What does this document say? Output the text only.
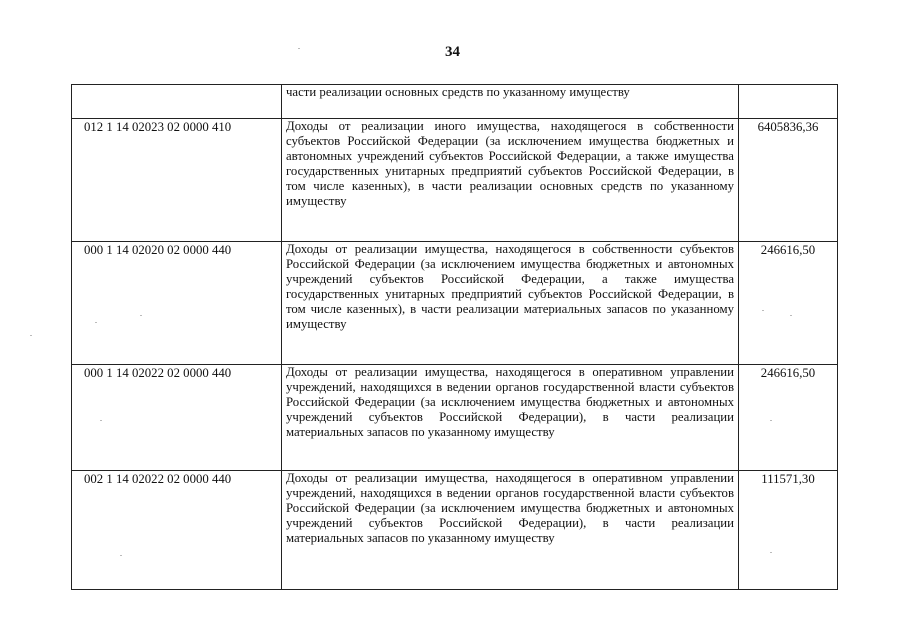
34
	части реализации основных средств по указанному имуществу	
012 1 14 02023 02 0000 410	Доходы от реализации иного имущества, находящегося в собственности субъектов Российской Федерации (за исключением имущества бюджетных и автономных учреждений субъектов Российской Федерации, а также имущества государственных унитарных предприятий субъектов Российской Федерации, в том числе казенных), в части реализации основных средств по указанному имуществу	6405836,36
000 1 14 02020 02 0000 440	Доходы от реализации имущества, находящегося в собственности субъектов Российской Федерации (за исключением имущества бюджетных и автономных учреждений субъектов Российской Федерации, а также имущества государственных унитарных предприятий субъектов Российской Федерации, в том числе казенных), в части реализации материальных запасов по указанному имуществу	246616,50
000 1 14 02022 02 0000 440	Доходы от реализации имущества, находящегося в оперативном управлении учреждений, находящихся в ведении органов государственной власти субъектов Российской Федерации (за исключением имущества бюджетных и автономных учреждений субъектов Российской Федерации), в части реализации материальных запасов по указанному имуществу	246616,50
002 1 14 02022 02 0000 440	Доходы от реализации имущества, находящегося в оперативном управлении учреждений, находящихся в ведении органов государственной власти субъектов Российской Федерации (за исключением имущества бюджетных и автономных учреждений субъектов Российской Федерации), в части реализации материальных запасов по указанному имуществу	111571,30
